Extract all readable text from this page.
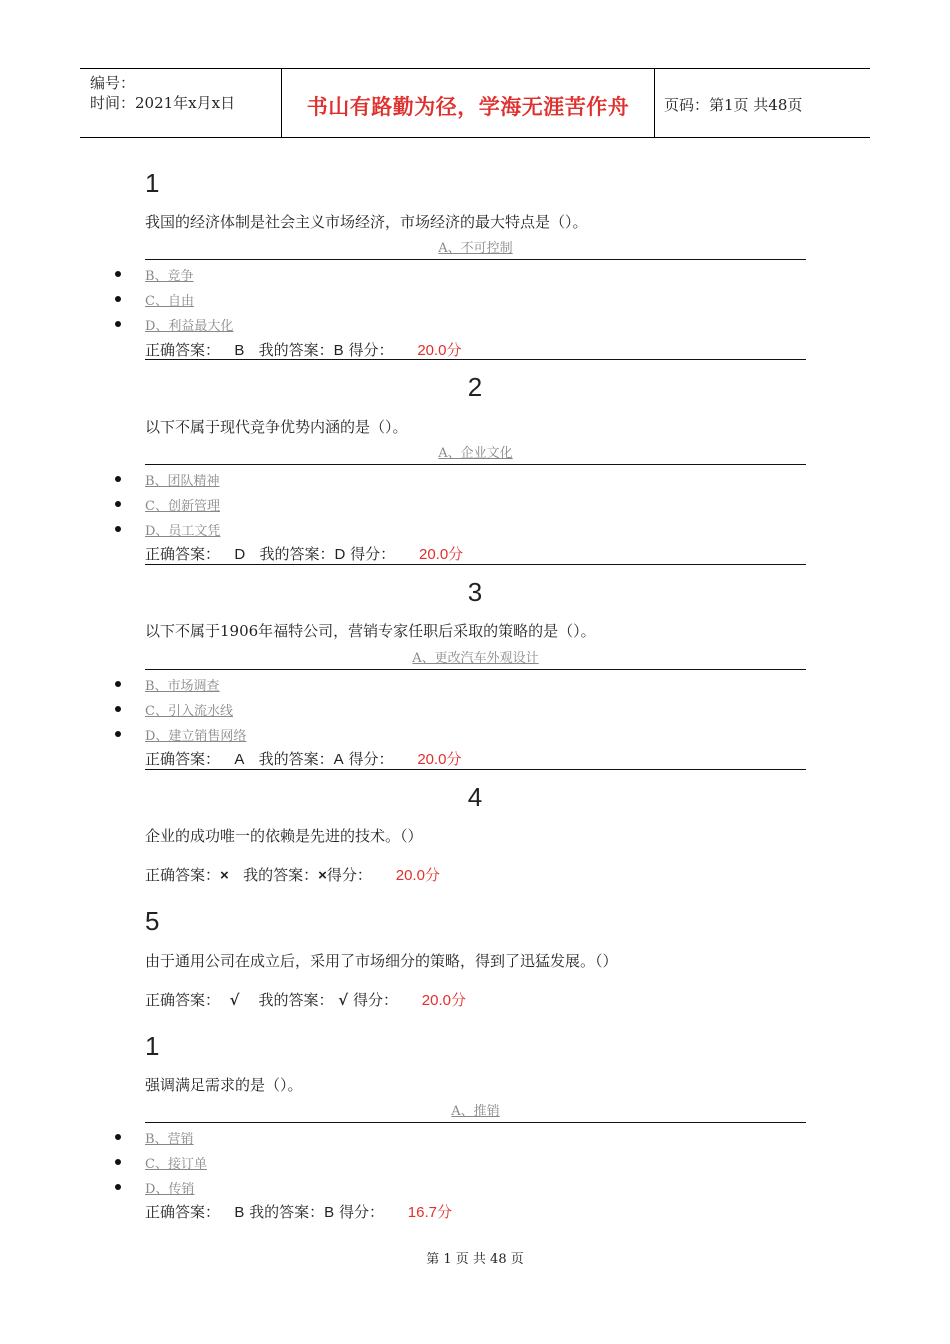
编号：
时间：2021年x月x日	书山有路勤为径，学海无涯苦作舟	页码：第1页 共48页
1
我国的经济体制是社会主义市场经济，市场经济的最大特点是（）。
A、不可控制
B、竞争
C、自由
D、利益最大化
正确答案： B 我的答案：B 得分： 20.0分
2
以下不属于现代竞争优势内涵的是（）。
A、企业文化
B、团队精神
C、创新管理
D、员工文凭
正确答案： D 我的答案：D 得分： 20.0分
3
以下不属于1906年福特公司，营销专家任职后采取的策略的是（）。
A、更改汽车外观设计
B、市场调查
C、引入流水线
D、建立销售网络
正确答案： A 我的答案：A 得分： 20.0分
4
企业的成功唯一的依赖是先进的技术。（）
正确答案：× 我的答案：×得分： 20.0分
5
由于通用公司在成立后，采用了市场细分的策略，得到了迅猛发展。（）
正确答案： √ 我的答案： √ 得分： 20.0分
1
强调满足需求的是（）。
A、推销
B、营销
C、接订单
D、传销
正确答案： B 我的答案：B 得分： 16.7分
第 1 页 共 48 页
